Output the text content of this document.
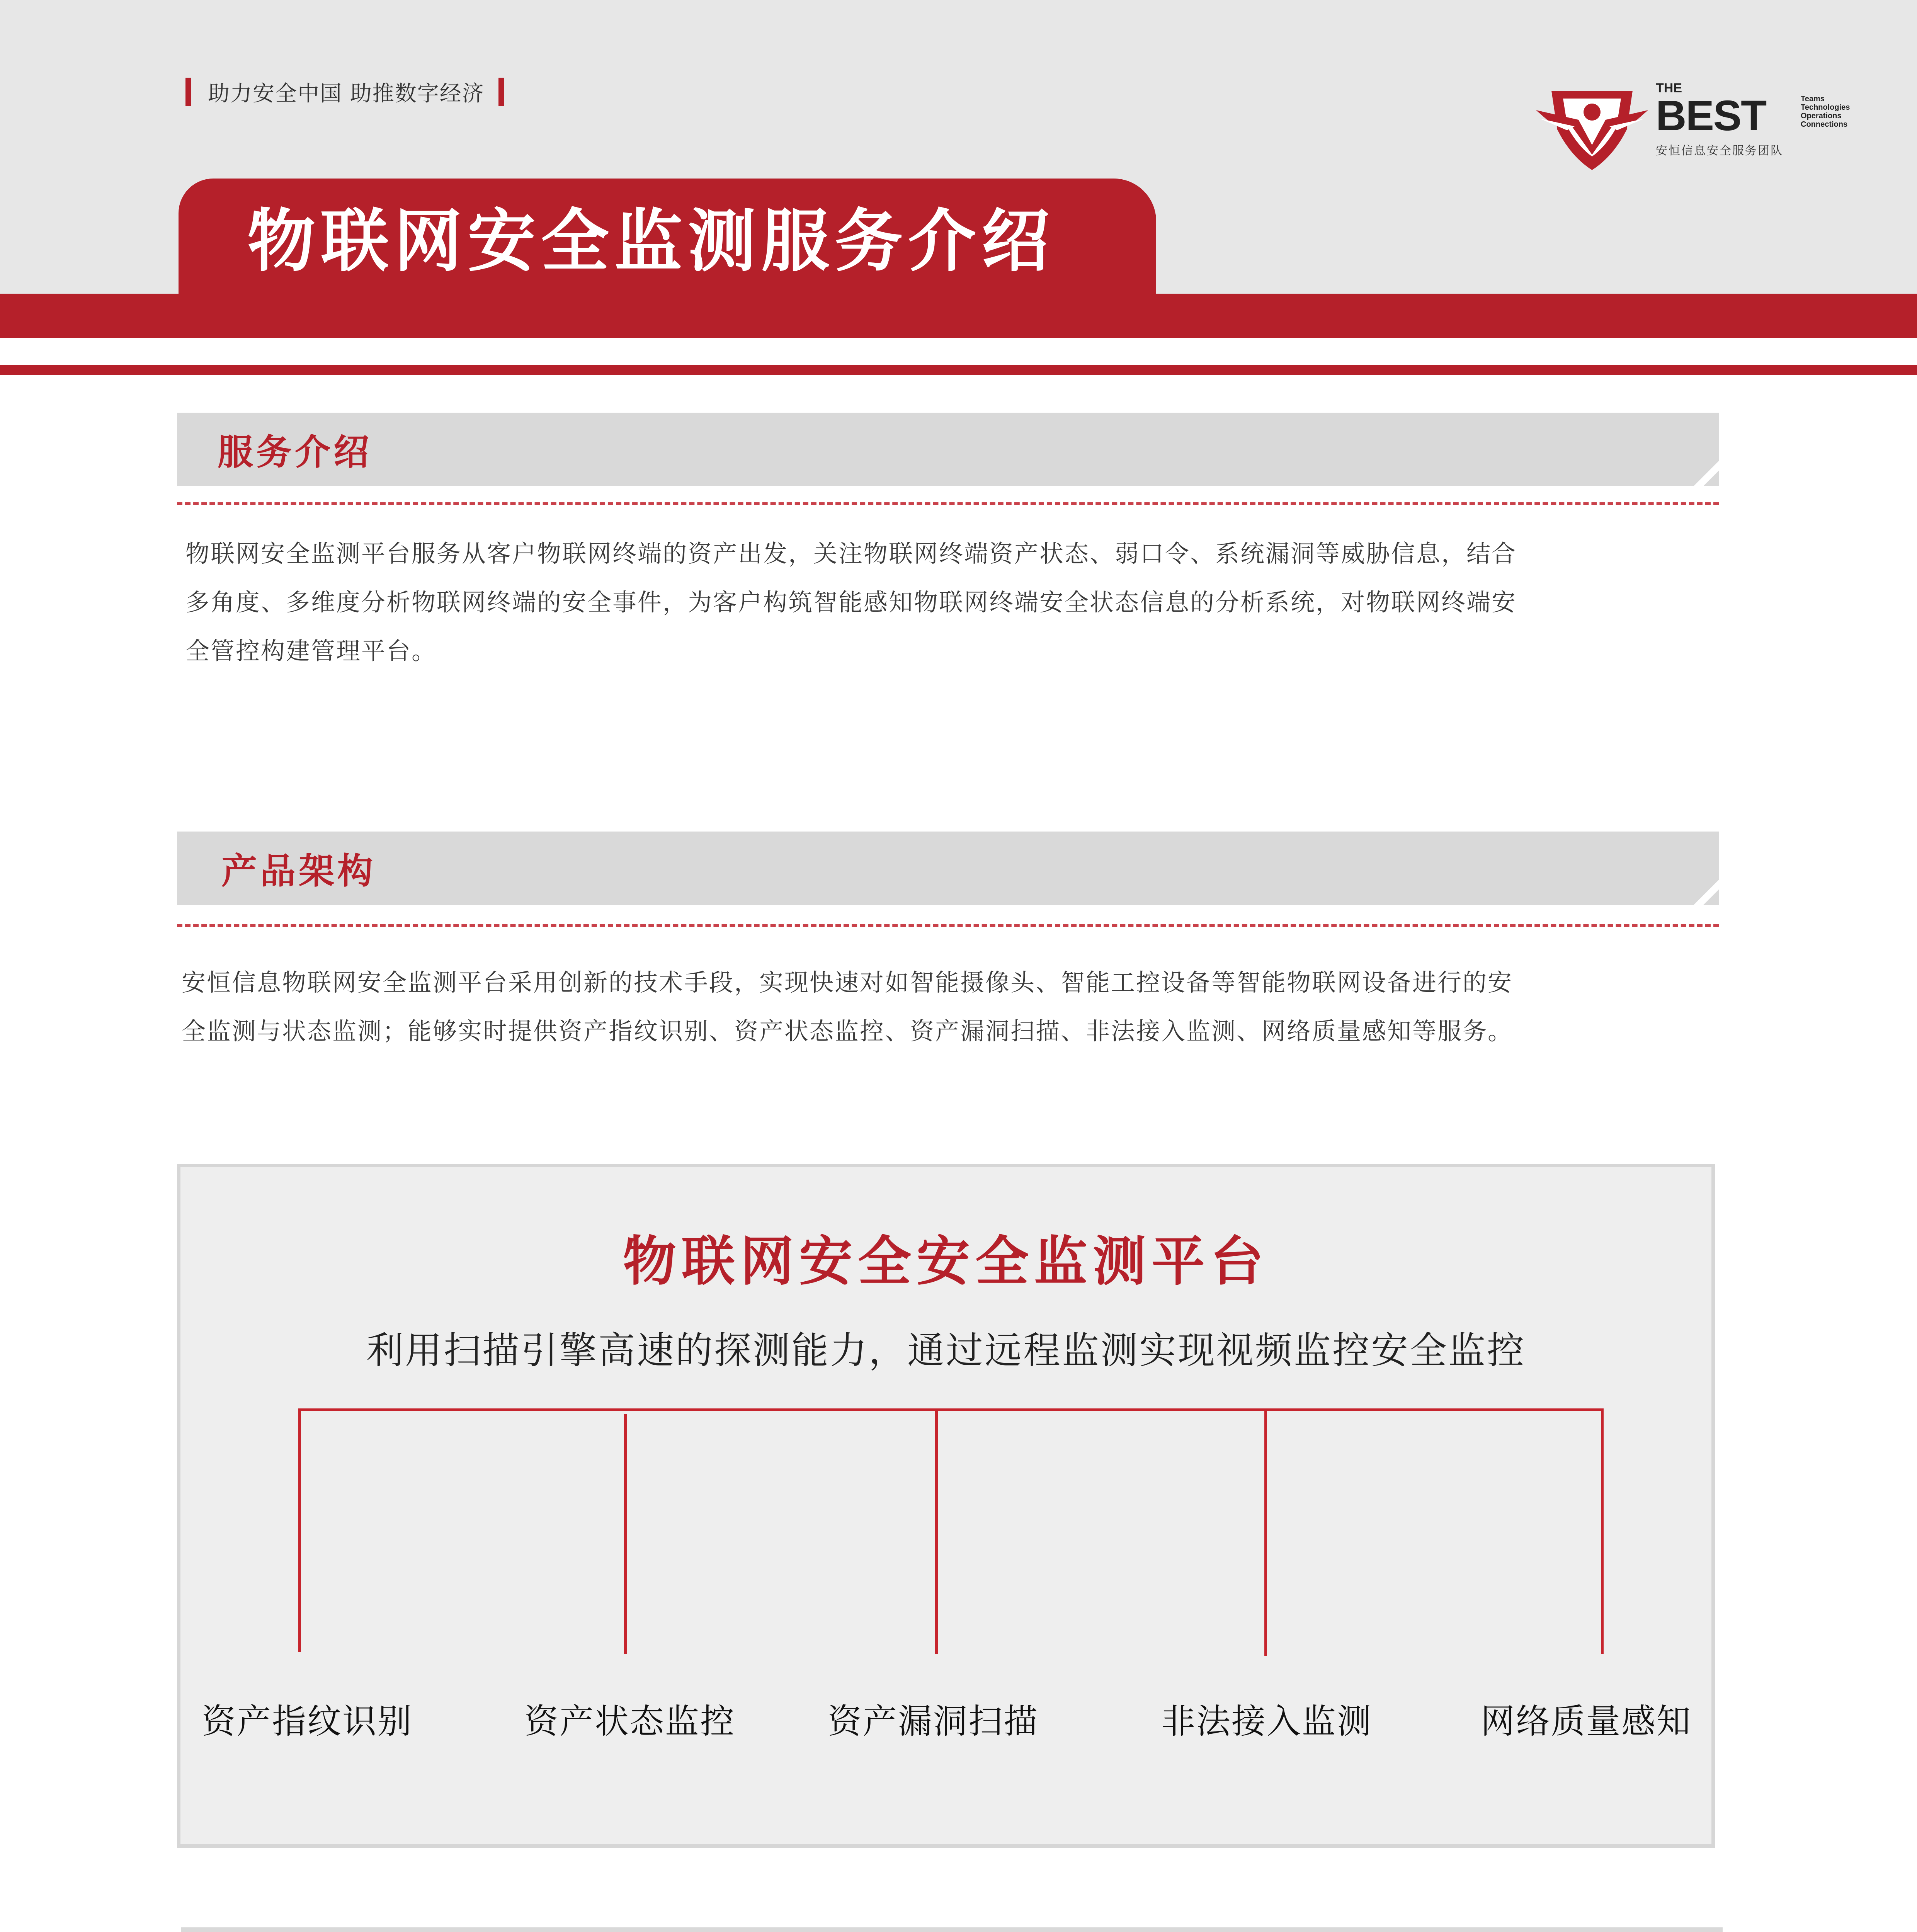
助力安全中国 助推数字经济	THE
BEST	Teams
Technologies
Operations
Connections
安恒信息安全服务团队
物联网安全监测服务介绍
服务介绍
物联网安全监测平台服务从客户物联网终端的资产出发，关注物联网终端资产状态、弱口令、系统漏洞等威胁信息，结合
多角度、多维度分析物联网终端的安全事件，为客户构筑智能感知物联网终端安全状态信息的分析系统，对物联网终端安
全管控构建管理平台。
产品架构
安恒信息物联网安全监测平台采用创新的技术手段，实现快速对如智能摄像头、智能工控设备等智能物联网设备进行的安
全监测与状态监测；能够实时提供资产指纹识别、资产状态监控、资产漏洞扫描、非法接入监测、网络质量感知等服务。
物联网安全安全监测平台
利用扫描引擎高速的探测能力，通过远程监测实现视频监控安全监控
资产指纹识别	资产状态监控	资产漏洞扫描	非法接入监测	网络质量感知
